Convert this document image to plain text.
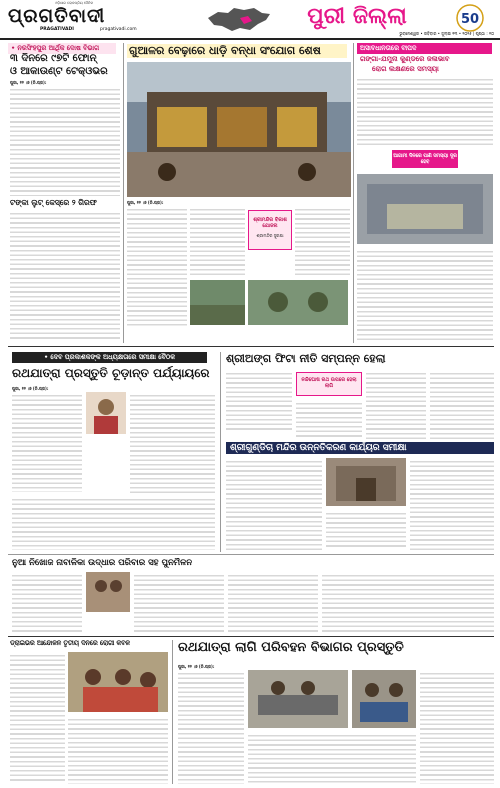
ଓଡ଼ିଶାର ଲୋକପ୍ରିୟ ଦୈନିକ
ପ୍ରଗତିବାଦୀ
PRAGATIVADI	pragativadi.com
ପୁରୀ ଜିଲ୍ଲା	50
ଭୁବନେଶ୍ୱର • ରବିବାର • ଜୁଲାଇ ୧୩ • ୨୦୨୫ | ପୃଷ୍ଠା : ୧୦
• ନରସିଂହପୁର ଆର୍ଥିକ ଦୋଷ ବିଭାଗ
୩ ଦିନରେ ୯୭ଟି ଫୋନ୍
ଓ ଆକାଉଣ୍ଟ ଟେକ୍‌ଓଭର
ପୁରୀ, ୧୨ ।୭ (ନି.ପ୍ର):
ଟଙ୍କା ଲୁଟ୍ କେସ୍‌ରେ ୨ ଗିରଫ
ଗୁଆଳର ବେଢ଼ାରେ ଧାଡ଼ି ବନ୍ଧା ସଂଯୋଗ ଶେଷ
ପୁରୀ, ୧୨ ।୭ (ନି.ପ୍ର):
ଶ୍ରୀମନ୍ଦିର ବିକାଶ ଯୋଜନା
ଶ୍ରୀମନ୍ଦିର ସୁରକ୍ଷା
ଅସାବଧାନତାରେ ବୀପଦ
ଗଙ୍ଗା-ଯମୁନା କୁଣ୍ଡରେ ଜଳାଭାବ
ରୋଗ ଲକ୍ଷଣରେ ସମସ୍ୟା
ଆଗାମୀ ଦିନରେ ପାଣି ସମସ୍ୟା ଦୂର ହେବ
• ଦେବ ପ୍ରକାଶକଙ୍କ ଅଧ୍ୟକ୍ଷତାରେ ସମୀକ୍ଷା ବୈଠକ
ରଥଯାତ୍ରା ପ୍ରସ୍ତୁତି ଚୂଡ଼ାନ୍ତ ପର୍ଯ୍ୟାୟରେ
ପୁରୀ, ୧୨ ।୭ (ନି.ପ୍ର):
ଶ୍ରୀଅଙ୍ଗ ଫିଟା ନୀତି ସମ୍ପନ୍ନ ହେଲା
ନନ୍ଦିଘୋଷ ରଥ ଉପରେ ହେଲା ଲାଗି
ଶ୍ରୀଗୁଣ୍ଡିଚା ମନ୍ଦିର ଉନ୍ନତିକରଣ କାର୍ଯ୍ୟର ସମୀକ୍ଷା
ନୁଆ ନିଖୋଜ ନାବାଳିକା ଉଦ୍ଧାର ପରିବାର ସହ ପୁନର୍ମିଳନ
ଡ୍ରାଇଭର ଆନ୍ଦୋଳନ ତୃତୀୟ ଦିନରେ ରୋଗୀ କବଳ	ରଥଯାତ୍ରା ଲାଗି ପରିବହନ ବିଭାଗର ପ୍ରସ୍ତୁତି
ପୁରୀ, ୧୨ ।୭ (ନି.ପ୍ର):
